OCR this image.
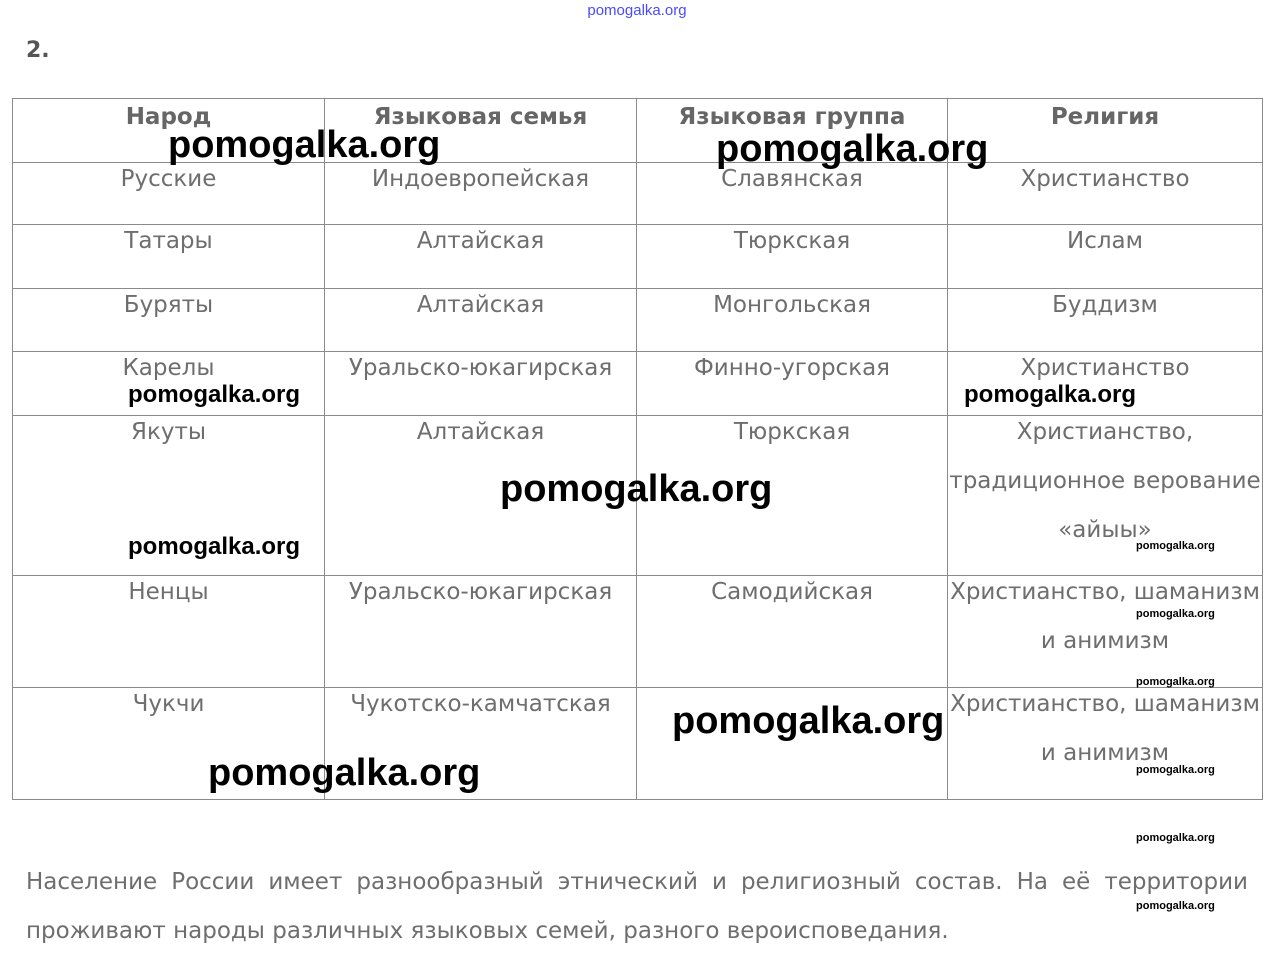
pomogalka.org
2.
Народ	Языковая семья	Языковая группа	Религия

Русские	Индоевропейская	Славянская	Христианство

Татары	Алтайская	Тюркская	Ислам

Буряты	Алтайская	Монгольская	Буддизм

Карелы	Уральско-юкагирская	Финно-угорская	Христианство

Якуты	Алтайская	Тюркская	Христианство, традиционное верование «айыы»

Ненцы	Уральско-юкагирская	Самодийская	Христианство, шаманизм и анимизм

Чукчи	Чукотско-камчатская		Христианство, шаманизм и анимизм
Население России имеет разнообразный этнический и религиозный состав. На её территории проживают народы различных языковых семей, разного вероисповедания.
pomogalka.org	pomogalka.org
pomogalka.org	pomogalka.org
pomogalka.org
pomogalka.org	pomogalka.org
pomogalka.org
pomogalka.org
pomogalka.org
pomogalka.org
pomogalka.org
pomogalka.org
pomogalka.org
